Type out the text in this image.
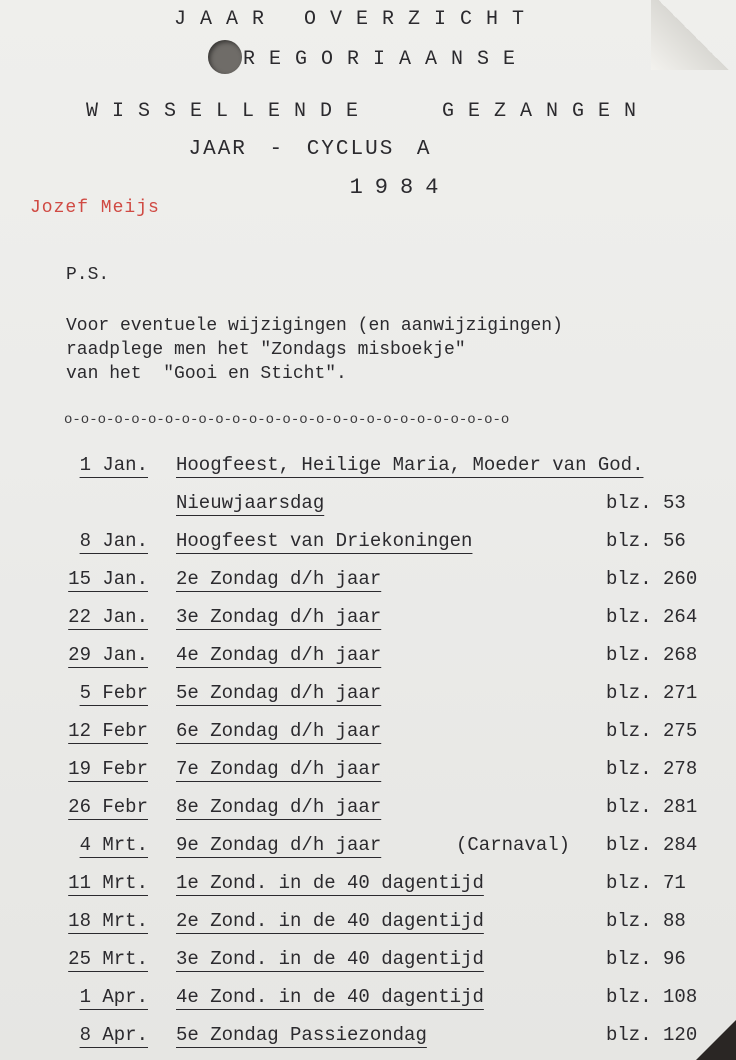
JAAR OVERZICHT
REGORIAANSE
WISSELLENDE	GEZANGEN
JAAR - CYCLUS A
1984
Jozef Meijs
P.S.
Voor eventuele wijzigingen (en aanwijzigingen)
raadplege men het "Zondags misboekje"
van het  "Gooi en Sticht".
o-o-o-o-o-o-o-o-o-o-o-o-o-o-o-o-o-o-o-o-o-o-o-o-o-o-o
1 Jan. Hoogfeest, Heilige Maria, Moeder van God.
Nieuwjaarsdag	blz. 53
8 Jan. Hoogfeest van Driekoningen	blz. 56
15 Jan. 2e Zondag d/h jaar	blz. 260
22 Jan. 3e Zondag d/h jaar	blz. 264
29 Jan. 4e Zondag d/h jaar	blz. 268
5 Febr 5e Zondag d/h jaar	blz. 271
12 Febr 6e Zondag d/h jaar	blz. 275
19 Febr 7e Zondag d/h jaar	blz. 278
26 Febr 8e Zondag d/h jaar	blz. 281
4 Mrt. 9e Zondag d/h jaar	(Carnaval) blz. 284
11 Mrt. 1e Zond. in de 40 dagentijd	blz. 71
18 Mrt. 2e Zond. in de 40 dagentijd	blz. 88
25 Mrt. 3e Zond. in de 40 dagentijd	blz. 96
1 Apr. 4e Zond. in de 40 dagentijd	blz. 108
8 Apr. 5e Zondag Passiezondag	blz. 120
